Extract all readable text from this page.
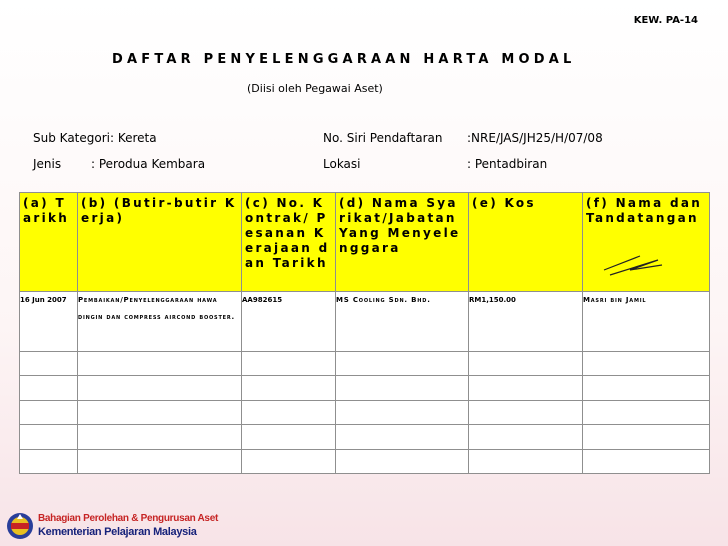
KEW. PA-14
DAFTAR PENYELENGGARAAN HARTA MODAL
(Diisi oleh Pegawai Aset)
Sub Kategori: Kereta
Jenis : Perodua Kembara
No. Siri Pendaftaran :NRE/JAS/JH25/H/07/08
Lokasi	: Pentadbiran
(a) Tarikh	(b) (Butir-butir Kerja)	(c) No. Kontrak/ Pesanan Kerajaan dan Tarikh	(d) Nama Syarikat/Jabatan Yang Menyelenggara	(e) Kos	(f) Nama dan Tandatangan

16 Jun 2007	Pembaikan/Penyelenggaraan hawa dingin dan compress aircond booster.	AA982615	MS Cooling Sdn. Bhd.	RM1,150.00	Masri bin Jamil

Bahagian Perolehan & Pengurusan Aset
Kementerian Pelajaran Malaysia
